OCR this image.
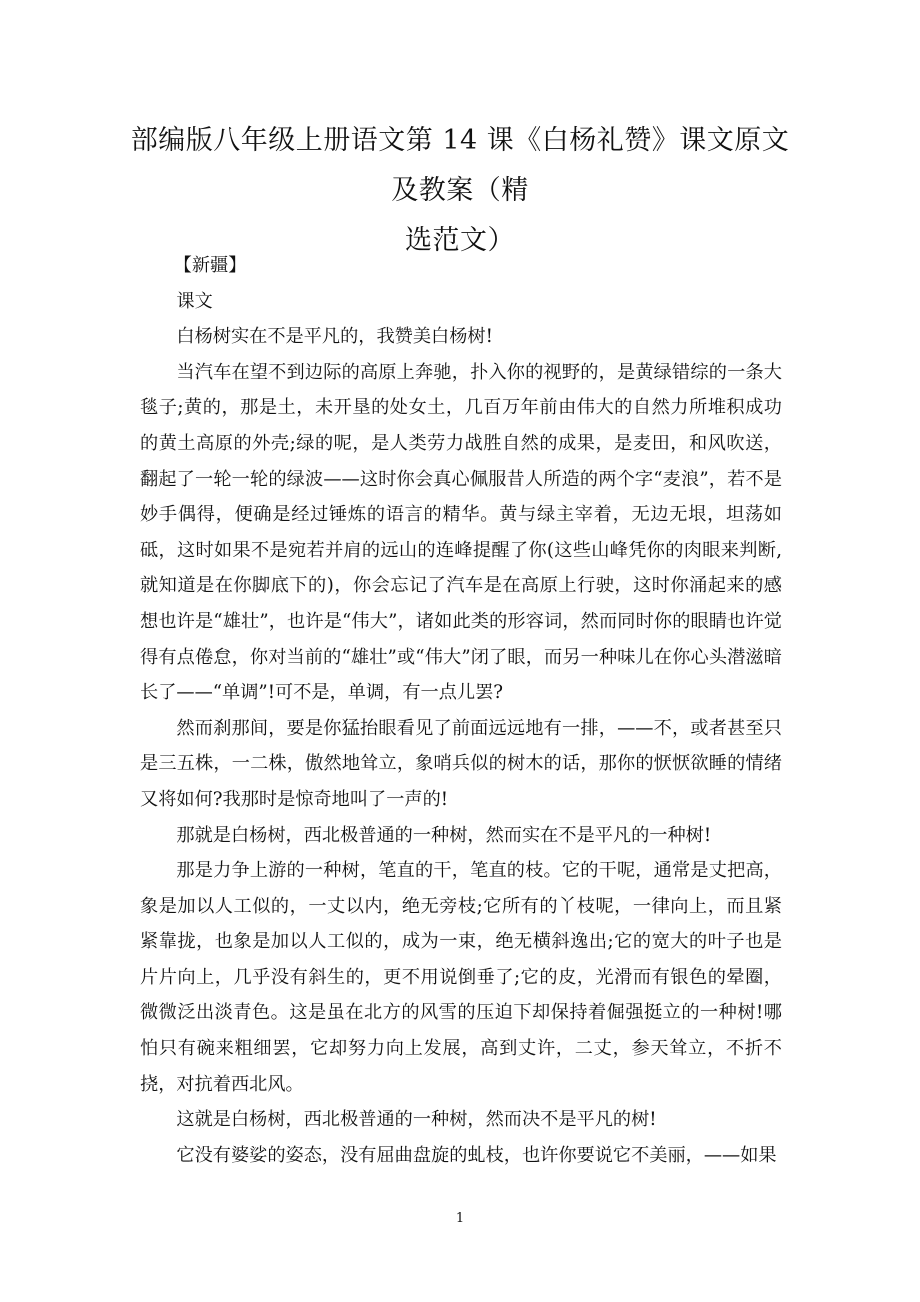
部编版八年级上册语文第 14 课《白杨礼赞》课文原文及教案（精
选范文）

【新疆】

课文

白杨树实在不是平凡的，我赞美白杨树!

当汽车在望不到边际的高原上奔驰，扑入你的视野的，是黄绿错综的一条大毯子;黄的，那是土，未开垦的处女土，几百万年前由伟大的自然力所堆积成功的黄土高原的外壳;绿的呢，是人类劳力战胜自然的成果，是麦田，和风吹送，翻起了一轮一轮的绿波——这时你会真心佩服昔人所造的两个字“麦浪”，若不是妙手偶得，便确是经过锤炼的语言的精华。黄与绿主宰着，无边无垠，坦荡如砥，这时如果不是宛若并肩的远山的连峰提醒了你(这些山峰凭你的肉眼来判断,就知道是在你脚底下的)，你会忘记了汽车是在高原上行驶，这时你涌起来的感想也许是“雄壮”，也许是“伟大”，诸如此类的形容词，然而同时你的眼睛也许觉得有点倦怠，你对当前的“雄壮”或“伟大”闭了眼，而另一种味儿在你心头潜滋暗长了——“单调”!可不是，单调，有一点儿罢?

然而刹那间，要是你猛抬眼看见了前面远远地有一排，——不，或者甚至只是三五株，一二株，傲然地耸立，象哨兵似的树木的话，那你的恹恹欲睡的情绪又将如何?我那时是惊奇地叫了一声的!

那就是白杨树，西北极普通的一种树，然而实在不是平凡的一种树!

那是力争上游的一种树，笔直的干，笔直的枝。它的干呢，通常是丈把高，象是加以人工似的，一丈以内，绝无旁枝;它所有的丫枝呢，一律向上，而且紧紧靠拢，也象是加以人工似的，成为一束，绝无横斜逸出;它的宽大的叶子也是片片向上，几乎没有斜生的，更不用说倒垂了;它的皮，光滑而有银色的晕圈，微微泛出淡青色。这是虽在北方的风雪的压迫下却保持着倔强挺立的一种树!哪怕只有碗来粗细罢，它却努力向上发展，高到丈许，二丈，参天耸立，不折不挠，对抗着西北风。

这就是白杨树，西北极普通的一种树，然而决不是平凡的树!

它没有婆娑的姿态，没有屈曲盘旋的虬枝，也许你要说它不美丽，——如果

1
